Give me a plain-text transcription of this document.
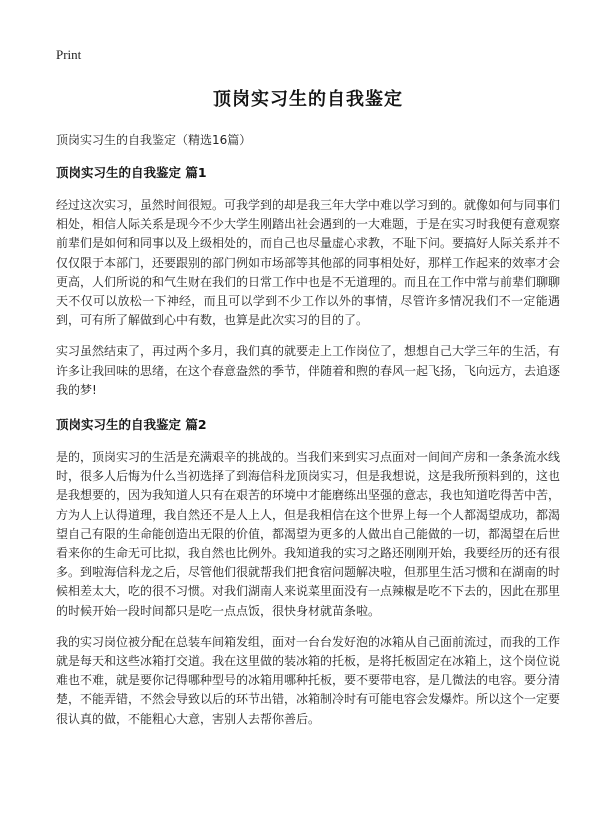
Print

顶岗实习生的自我鉴定

顶岗实习生的自我鉴定（精选16篇）

顶岗实习生的自我鉴定 篇1

经过这次实习，虽然时间很短。可我学到的却是我三年大学中难以学习到的。就像如何与同事们相处，相信人际关系是现今不少大学生刚踏出社会遇到的一大难题，于是在实习时我便有意观察前辈们是如何和同事以及上级相处的，而自己也尽量虚心求教，不耻下问。要搞好人际关系并不仅仅限于本部门，还要跟别的部门例如市场部等其他部的同事相处好，那样工作起来的效率才会更高，人们所说的和气生财在我们的日常工作中也是不无道理的。而且在工作中常与前辈们聊聊天不仅可以放松一下神经，而且可以学到不少工作以外的事情，尽管许多情况我们不一定能遇到，可有所了解做到心中有数，也算是此次实习的目的了。

实习虽然结束了，再过两个多月，我们真的就要走上工作岗位了，想想自己大学三年的生活，有许多让我回味的思绪，在这个春意盎然的季节，伴随着和煦的春风一起飞扬，飞向远方，去追逐我的梦!

顶岗实习生的自我鉴定 篇2

是的，顶岗实习的生活是充满艰辛的挑战的。当我们来到实习点面对一间间产房和一条条流水线时，很多人后悔为什么当初选择了到海信科龙顶岗实习，但是我想说，这是我所预料到的，这也是我想要的，因为我知道人只有在艰苦的环境中才能磨练出坚强的意志，我也知道吃得苦中苦，方为人上认得道理，我自然还不是人上人，但是我相信在这个世界上每一个人都渴望成功，都渴望自己有限的生命能创造出无限的价值，都渴望为更多的人做出自己能做的一切，都渴望在后世看来你的生命无可比拟，我自然也比例外。我知道我的实习之路还刚刚开始，我要经历的还有很多。到啦海信科龙之后，尽管他们很就帮我们把食宿问题解决啦，但那里生活习惯和在湖南的时候相差太大，吃的很不习惯。对我们湖南人来说菜里面没有一点辣椒是吃不下去的，因此在那里的时候开始一段时间都只是吃一点点饭，很快身材就苗条啦。

我的实习岗位被分配在总装车间箱发组，面对一台台发好泡的冰箱从自己面前流过，而我的工作就是每天和这些冰箱打交道。我在这里做的装冰箱的托板，是将托板固定在冰箱上，这个岗位说难也不难，就是要你记得哪种型号的冰箱用哪种托板，要不要带电容，是几微法的电容。要分清楚，不能弄错，不然会导致以后的环节出错，冰箱制冷时有可能电容会发爆炸。所以这个一定要很认真的做，不能粗心大意，害别人去帮你善后。
